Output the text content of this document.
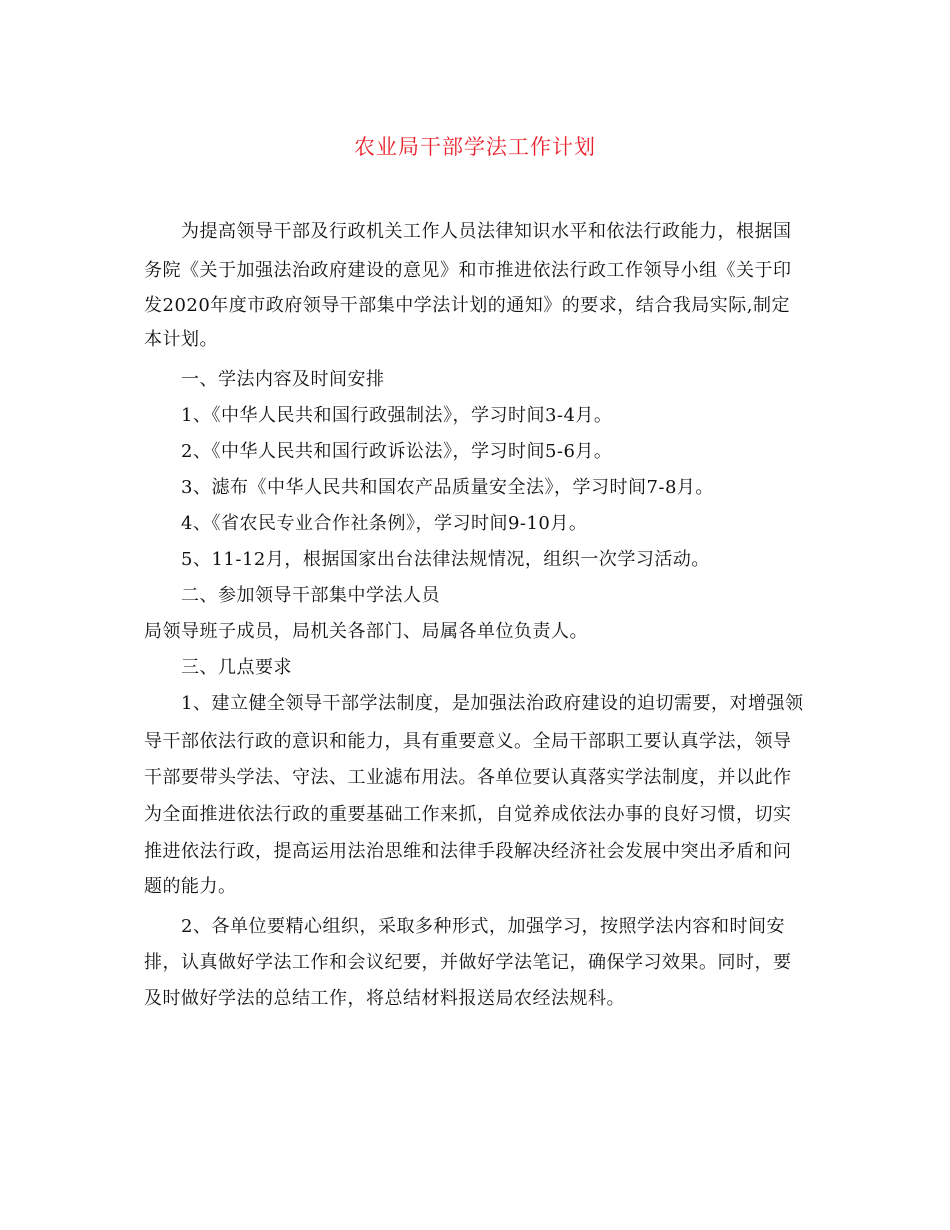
农业局干部学法工作计划
为提高领导干部及行政机关工作人员法律知识水平和依法行政能力，根据国
务院《关于加强法治政府建设的意见》和市推进依法行政工作领导小组《关于印
发2020年度市政府领导干部集中学法计划的通知》的要求，结合我局实际,制定
本计划。
一、学法内容及时间安排
1、《中华人民共和国行政强制法》，学习时间3-4月。
2、《中华人民共和国行政诉讼法》，学习时间5-6月。
3、滤布《中华人民共和国农产品质量安全法》，学习时间7-8月。
4、《省农民专业合作社条例》，学习时间9-10月。
5、11-12月，根据国家出台法律法规情况，组织一次学习活动。
二、参加领导干部集中学法人员
局领导班子成员，局机关各部门、局属各单位负责人。
三、几点要求
1、建立健全领导干部学法制度，是加强法治政府建设的迫切需要，对增强领
导干部依法行政的意识和能力，具有重要意义。全局干部职工要认真学法，领导
干部要带头学法、守法、工业滤布用法。各单位要认真落实学法制度，并以此作
为全面推进依法行政的重要基础工作来抓，自觉养成依法办事的良好习惯，切实
推进依法行政，提高运用法治思维和法律手段解决经济社会发展中突出矛盾和问
题的能力。
2、各单位要精心组织，采取多种形式，加强学习，按照学法内容和时间安
排，认真做好学法工作和会议纪要，并做好学法笔记，确保学习效果。同时，要
及时做好学法的总结工作，将总结材料报送局农经法规科。
